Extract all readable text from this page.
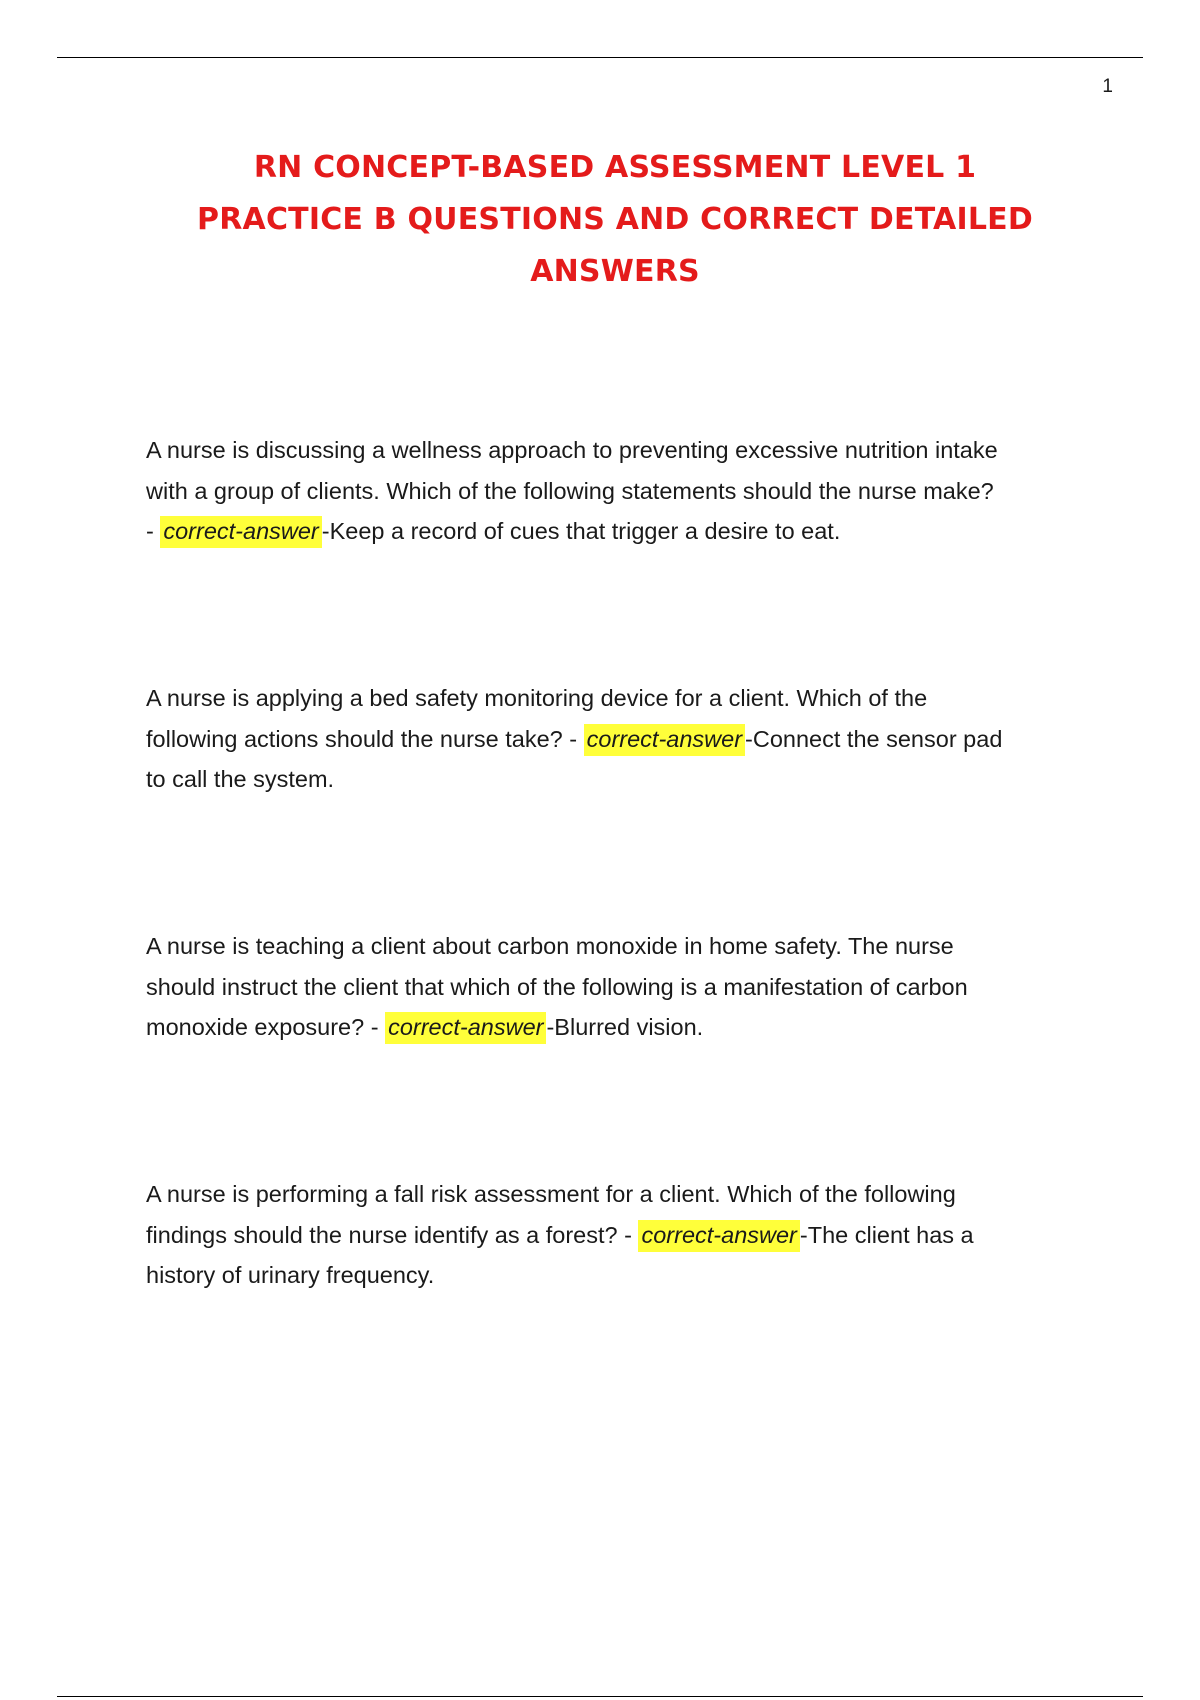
1
RN CONCEPT-BASED ASSESSMENT LEVEL 1
PRACTICE B QUESTIONS AND CORRECT DETAILED
ANSWERS

A nurse is discussing a wellness approach to preventing excessive nutrition intake
with a group of clients. Which of the following statements should the nurse make?
- correct-answer -Keep a record of cues that trigger a desire to eat.

A nurse is applying a bed safety monitoring device for a client. Which of the
following actions should the nurse take? - correct-answer -Connect the sensor pad
to call the system.

A nurse is teaching a client about carbon monoxide in home safety. The nurse
should instruct the client that which of the following is a manifestation of carbon
monoxide exposure? - correct-answer -Blurred vision.

A nurse is performing a fall risk assessment for a client. Which of the following
findings should the nurse identify as a forest? - correct-answer -The client has a
history of urinary frequency.
